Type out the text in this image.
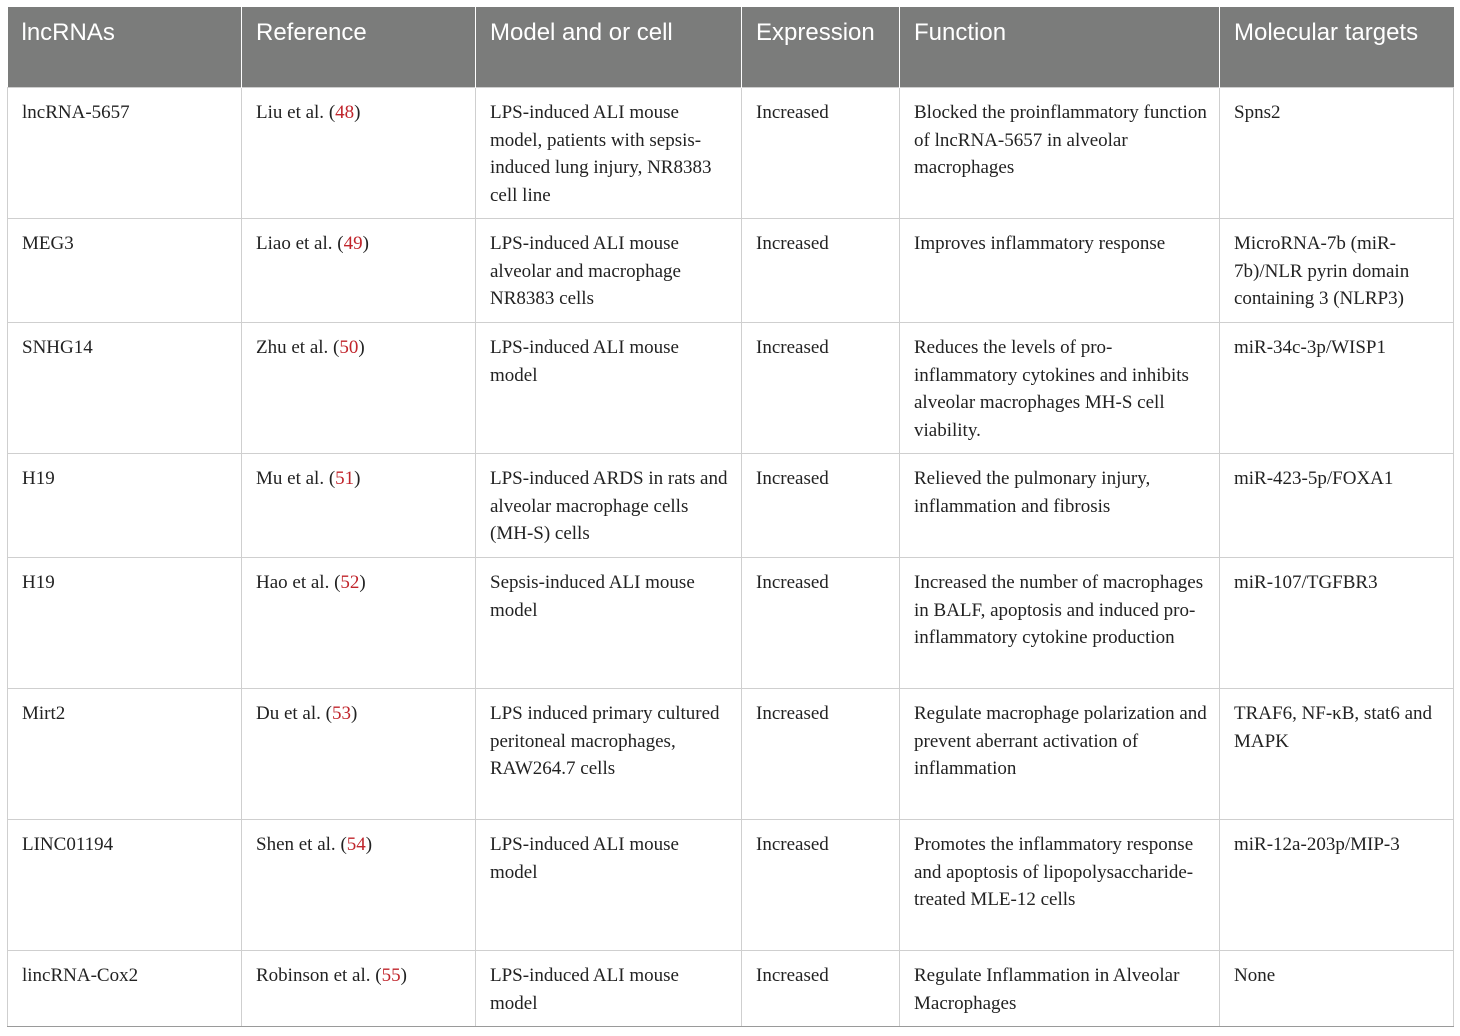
lncRNAs	Reference	Model and or cell	Expression	Function	Molecular targets
lncRNA-5657	Liu et al. (48)	LPS-induced ALI mouse model, patients with sepsis-induced lung injury, NR8383 cell line	Increased	Blocked the proinflammatory function of lncRNA-5657 in alveolar macrophages	Spns2
MEG3	Liao et al. (49)	LPS-induced ALI mouse alveolar and macrophage NR8383 cells	Increased	Improves inflammatory response	MicroRNA-7b (miR-7b)/NLR pyrin domain containing 3 (NLRP3)
SNHG14	Zhu et al. (50)	LPS-induced ALI mouse model	Increased	Reduces the levels of pro-inflammatory cytokines and inhibits alveolar macrophages MH-S cell viability.	miR-34c-3p/WISP1
H19	Mu et al. (51)	LPS-induced ARDS in rats and alveolar macrophage cells (MH-S) cells	Increased	Relieved the pulmonary injury, inflammation and fibrosis	miR-423-5p/FOXA1
H19	Hao et al. (52)	Sepsis-induced ALI mouse model	Increased	Increased the number of macrophages in BALF, apoptosis and induced pro-inflammatory cytokine production	miR-107/TGFBR3
Mirt2	Du et al. (53)	LPS induced primary cultured peritoneal macrophages, RAW264.7 cells	Increased	Regulate macrophage polarization and prevent aberrant activation of inflammation	TRAF6, NF-κB, stat6 and MAPK
LINC01194	Shen et al. (54)	LPS-induced ALI mouse model	Increased	Promotes the inflammatory response and apoptosis of lipopolysaccharide-treated MLE-12 cells	miR-12a-203p/MIP-3
lincRNA-Cox2	Robinson et al. (55)	LPS-induced ALI mouse model	Increased	Regulate Inflammation in Alveolar Macrophages	None
